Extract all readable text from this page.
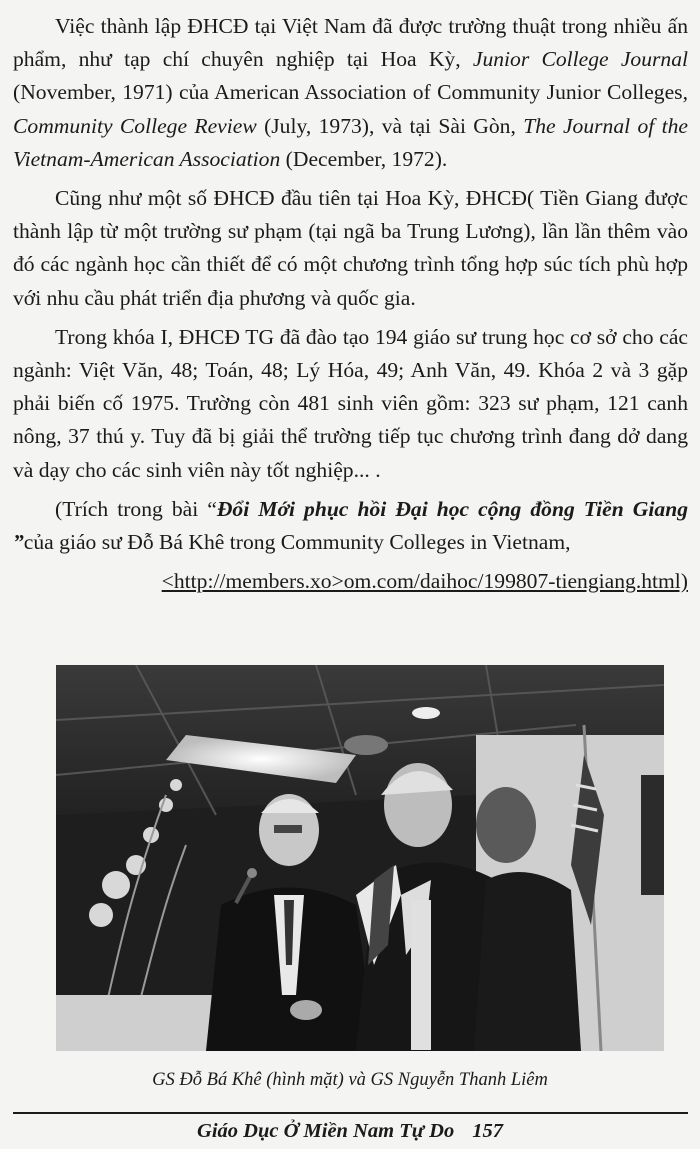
Việc thành lập ĐHCĐ tại Việt Nam đã được trường thuật trong nhiều ấn phẩm, như tạp chí chuyên nghiệp tại Hoa Kỳ, Junior College Journal (November, 1971) của American Association of Community Junior Colleges, Community College Review (July, 1973), và tại Sài Gòn, The Journal of the Vietnam-American Association (December, 1972).

Cũng như một số ĐHCĐ đầu tiên tại Hoa Kỳ, ĐHCĐ( Tiền Giang được thành lập từ một trường sư phạm (tại ngã ba Trung Lương), lần lần thêm vào đó các ngành học cần thiết để có một chương trình tổng hợp súc tích phù hợp với nhu cầu phát triển địa phương và quốc gia.

Trong khóa I, ĐHCĐ TG đã đào tạo 194 giáo sư trung học cơ sở cho các ngành: Việt Văn, 48; Toán, 48; Lý Hóa, 49; Anh Văn, 49. Khóa 2 và 3 gặp phải biến cố 1975. Trường còn 481 sinh viên gồm: 323 sư phạm, 121 canh nông, 37 thú y. Tuy đã bị giải thể trường tiếp tục chương trình đang dở dang và dạy cho các sinh viên này tốt nghiệp... .

(Trích trong bài “Đổi Mới phục hồi Đại học cộng đồng Tiền Giang ”của giáo sư Đỗ Bá Khê trong Community Colleges in Vietnam,

<http://members.xo>om.com/daihoc/199807-tiengiang.html)

GS Đỗ Bá Khê (hình mặt) và GS Nguyễn Thanh Liêm
Giáo Dục Ở Miền Nam Tự Do 157
